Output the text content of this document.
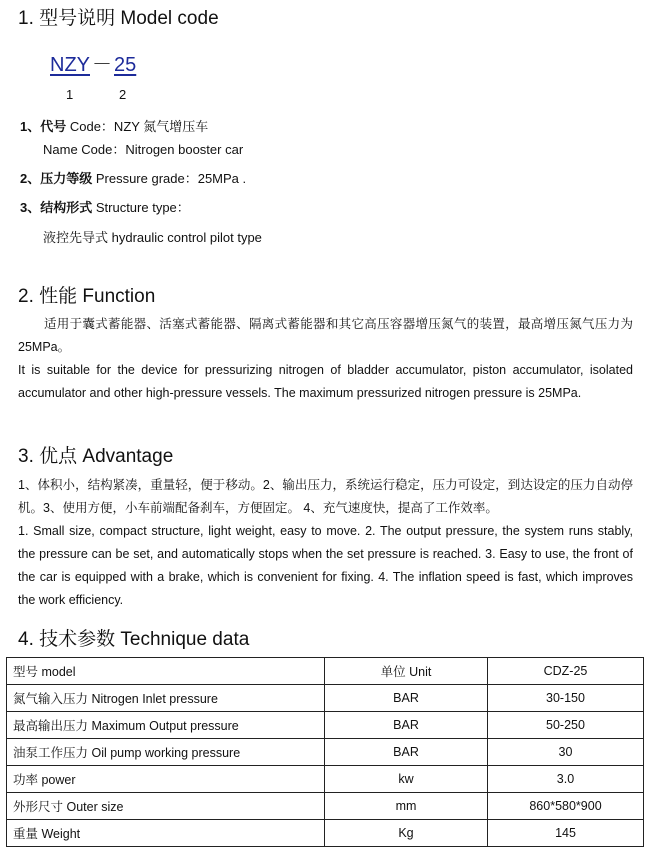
1. 型号说明 Model code
NZY － 25
1	2
1、代号 Code：NZY 氮气增压车
Name Code：Nitrogen booster car
2、压力等级 Pressure grade：25MPa .
3、结构形式 Structure type：
液控先导式 hydraulic control pilot type
2. 性能 Function
适用于囊式蓄能器、活塞式蓄能器、隔离式蓄能器和其它高压容器增压氮气的装置，最高增压氮气压力为25MPa。
It is suitable for the device for pressurizing nitrogen of bladder accumulator, piston accumulator, isolated accumulator and other high-pressure vessels. The maximum pressurized nitrogen pressure is 25MPa.
3. 优点 Advantage
1、体积小，结构紧凑，重量轻，便于移动。2、输出压力，系统运行稳定，压力可设定，到达设定的压力自动停机。3、使用方便，小车前端配备刹车，方便固定。 4、充气速度快，提高了工作效率。
1. Small size, compact structure, light weight, easy to move. 2. The output pressure, the system runs stably, the pressure can be set, and automatically stops when the set pressure is reached. 3. Easy to use, the front of the car is equipped with a brake, which is convenient for fixing. 4. The inflation speed is fast, which improves the work efficiency.
4. 技术参数 Technique data
型号 model	单位 Unit	CDZ-25
氮气输入压力 Nitrogen Inlet pressure	BAR	30-150
最高输出压力 Maximum Output pressure	BAR	50-250
油泵工作压力 Oil pump working pressure	BAR	30
功率 power	kw	3.0
外形尺寸 Outer size	mm	860*580*900
重量 Weight	Kg	145
